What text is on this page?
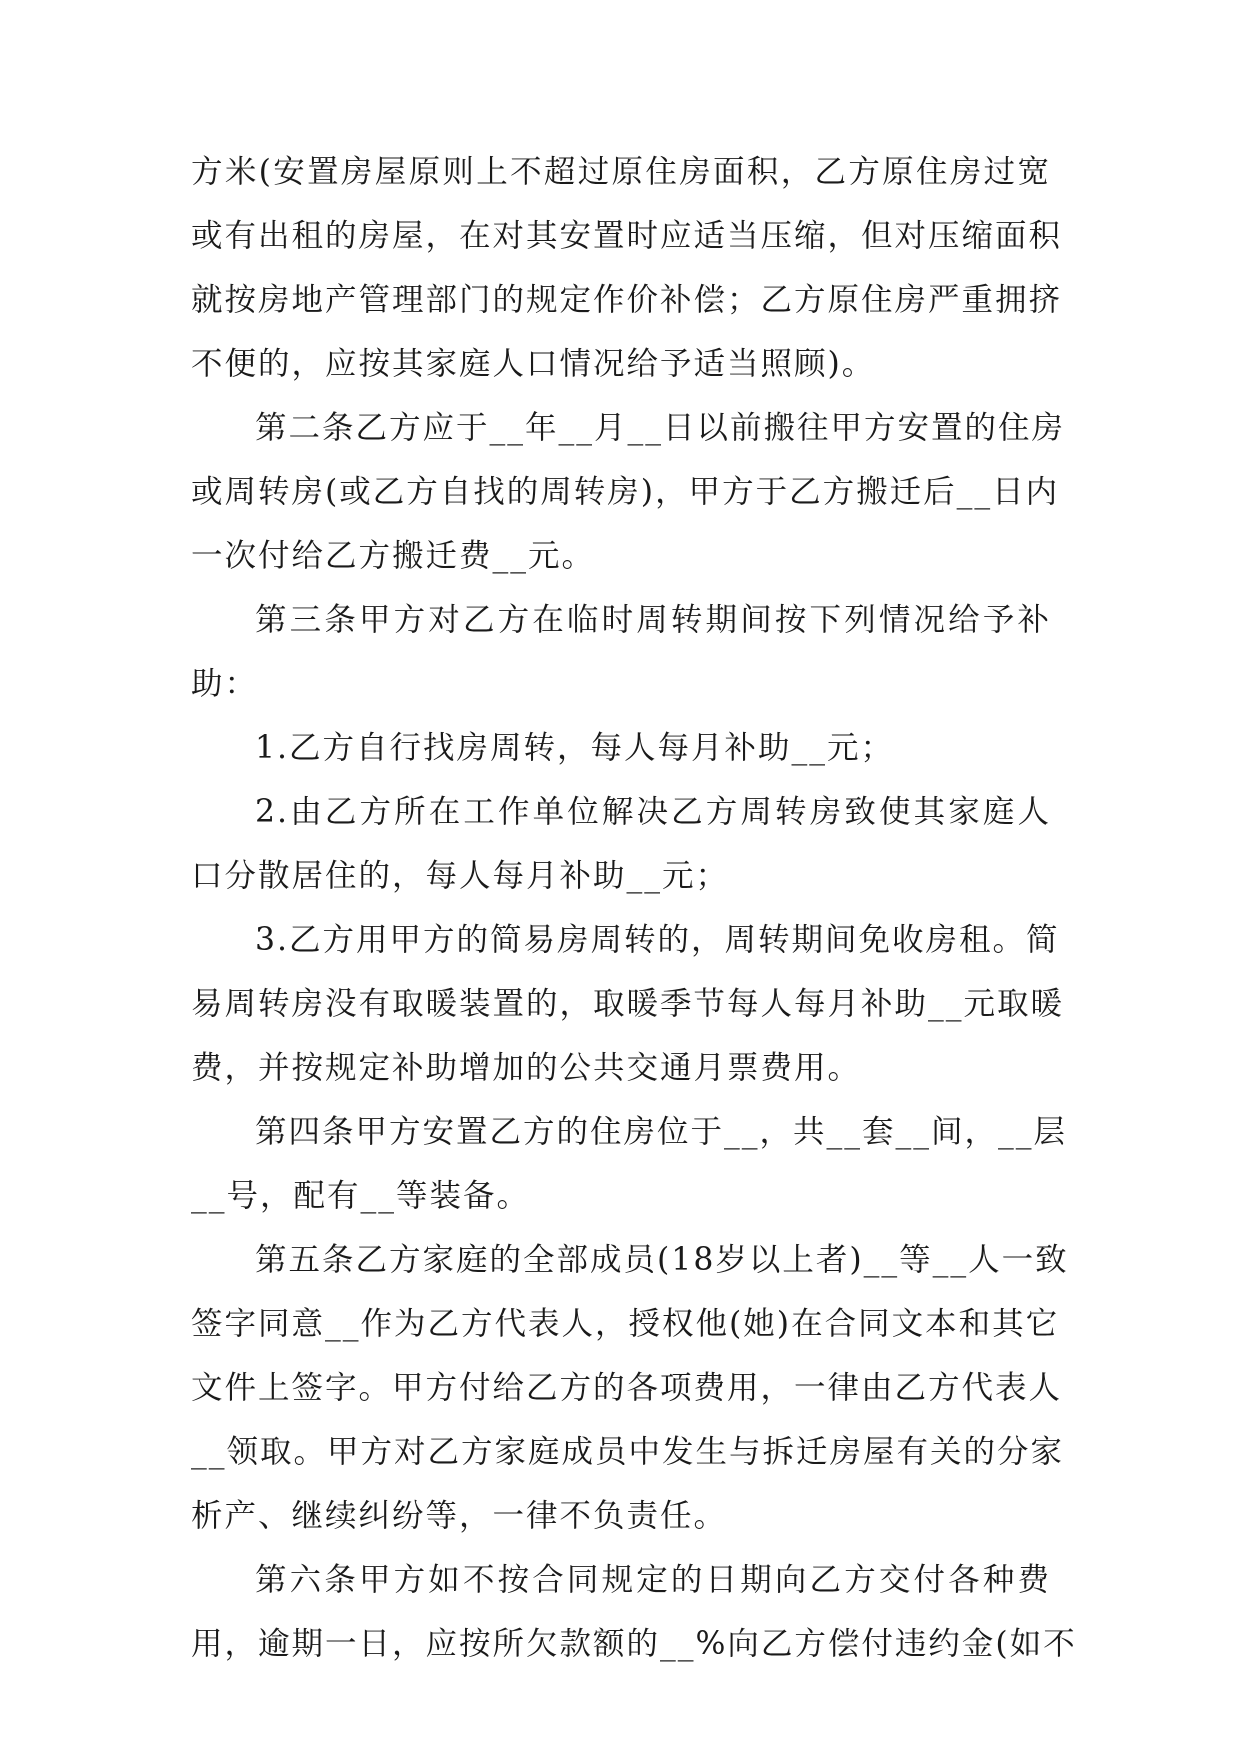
方米(安置房屋原则上不超过原住房面积，乙方原住房过宽
或有出租的房屋，在对其安置时应适当压缩，但对压缩面积
就按房地产管理部门的规定作价补偿；乙方原住房严重拥挤
不便的，应按其家庭人口情况给予适当照顾)。
第二条乙方应于__年__月__日以前搬往甲方安置的住房
或周转房(或乙方自找的周转房)，甲方于乙方搬迁后__日内
一次付给乙方搬迁费__元。
第三条甲方对乙方在临时周转期间按下列情况给予补
助：
1.乙方自行找房周转，每人每月补助__元；
2.由乙方所在工作单位解决乙方周转房致使其家庭人
口分散居住的，每人每月补助__元；
3.乙方用甲方的简易房周转的，周转期间免收房租。简
易周转房没有取暖装置的，取暖季节每人每月补助__元取暖
费，并按规定补助增加的公共交通月票费用。
第四条甲方安置乙方的住房位于__，共__套__间，__层
__号，配有__等装备。
第五条乙方家庭的全部成员(18岁以上者)__等__人一致
签字同意__作为乙方代表人，授权他(她)在合同文本和其它
文件上签字。甲方付给乙方的各项费用，一律由乙方代表人
__领取。甲方对乙方家庭成员中发生与拆迁房屋有关的分家
析产、继续纠纷等，一律不负责任。
第六条甲方如不按合同规定的日期向乙方交付各种费
用，逾期一日，应按所欠款额的__%向乙方偿付违约金(如不
